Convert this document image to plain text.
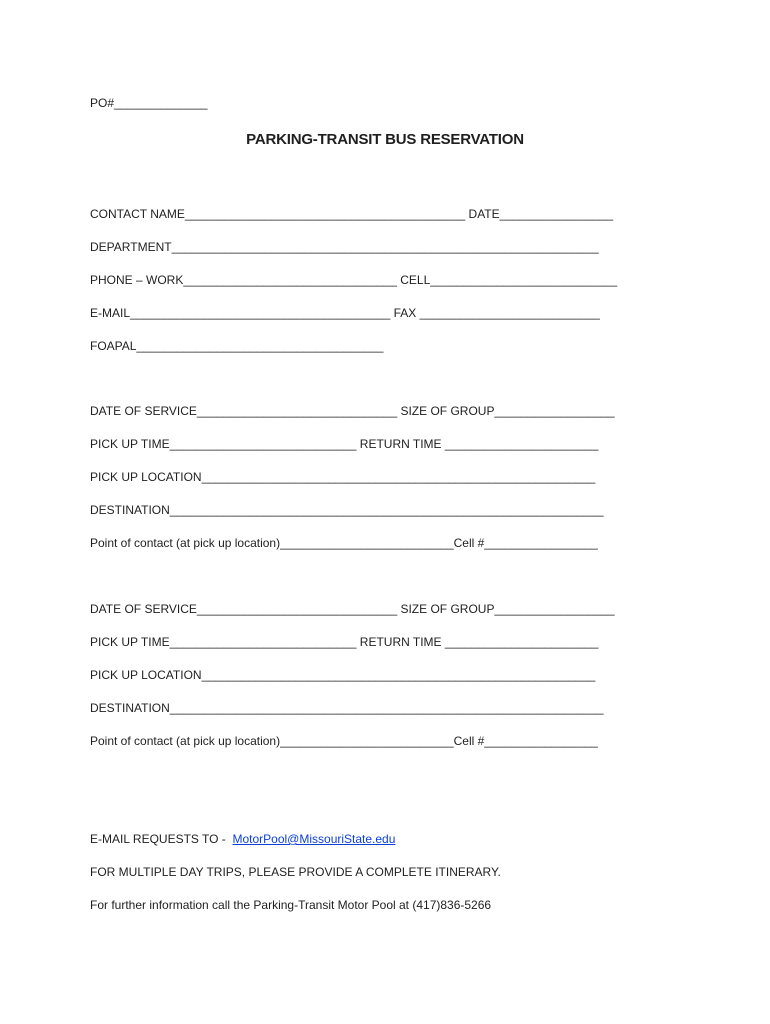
PO#______________
PARKING-TRANSIT BUS RESERVATION
CONTACT NAME__________________________________________ DATE_________________
DEPARTMENT________________________________________________________________
PHONE – WORK________________________________ CELL____________________________
E-MAIL_______________________________________ FAX ___________________________
FOAPAL_____________________________________
DATE OF SERVICE______________________________ SIZE OF GROUP__________________
PICK UP TIME____________________________ RETURN TIME _______________________
PICK UP LOCATION___________________________________________________________
DESTINATION_________________________________________________________________
Point of contact (at pick up location)__________________________Cell #_________________
DATE OF SERVICE______________________________ SIZE OF GROUP__________________
PICK UP TIME____________________________ RETURN TIME _______________________
PICK UP LOCATION___________________________________________________________
DESTINATION_________________________________________________________________
Point of contact (at pick up location)__________________________Cell #_________________
E-MAIL REQUESTS TO -  MotorPool@MissouriState.edu
FOR MULTIPLE DAY TRIPS, PLEASE PROVIDE A COMPLETE ITINERARY.
For further information call the Parking-Transit Motor Pool at (417)836-5266
